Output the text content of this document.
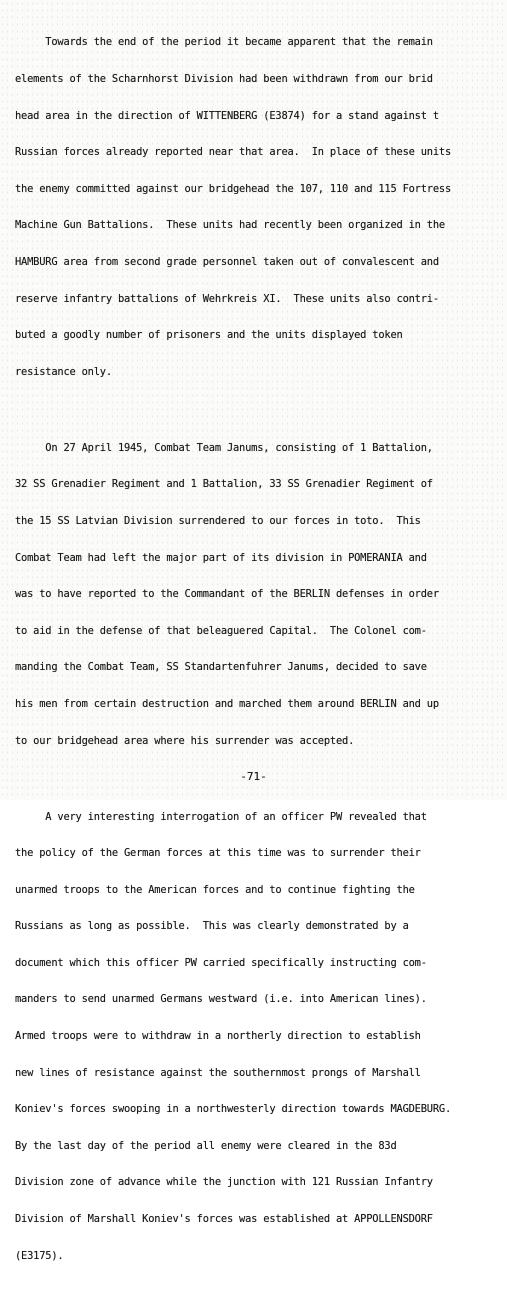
Towards the end of the period it became apparent that the remain

elements of the Scharnhorst Division had been withdrawn from our brid

head area in the direction of WITTENBERG (E3874) for a stand against t

Russian forces already reported near that area.  In place of these units

the enemy committed against our bridgehead the 107, 110 and 115 Fortress

Machine Gun Battalions.  These units had recently been organized in the

HAMBURG area from second grade personnel taken out of convalescent and

reserve infantry battalions of Wehrkreis XI.  These units also contri-

buted a goodly number of prisoners and the units displayed token

resistance only.

On 27 April 1945, Combat Team Janums, consisting of 1 Battalion,

32 SS Grenadier Regiment and 1 Battalion, 33 SS Grenadier Regiment of

the 15 SS Latvian Division surrendered to our forces in toto.  This

Combat Team had left the major part of its division in POMERANIA and

was to have reported to the Commandant of the BERLIN defenses in order

to aid in the defense of that beleaguered Capital.  The Colonel com-

manding the Combat Team, SS Standartenfuhrer Janums, decided to save

his men from certain destruction and marched them around BERLIN and up

to our bridgehead area where his surrender was accepted.

A very interesting interrogation of an officer PW revealed that

the policy of the German forces at this time was to surrender their

unarmed troops to the American forces and to continue fighting the

Russians as long as possible.  This was clearly demonstrated by a

document which this officer PW carried specifically instructing com-

manders to send unarmed Germans westward (i.e. into American lines).

Armed troops were to withdraw in a northerly direction to establish

new lines of resistance against the southernmost prongs of Marshall

Koniev's forces swooping in a northwesterly direction towards MAGDEBURG.

By the last day of the period all enemy were cleared in the 83d

Division zone of advance while the junction with 121 Russian Infantry

Division of Marshall Koniev's forces was established at APPOLLENSDORF

(E3175).

-71-
